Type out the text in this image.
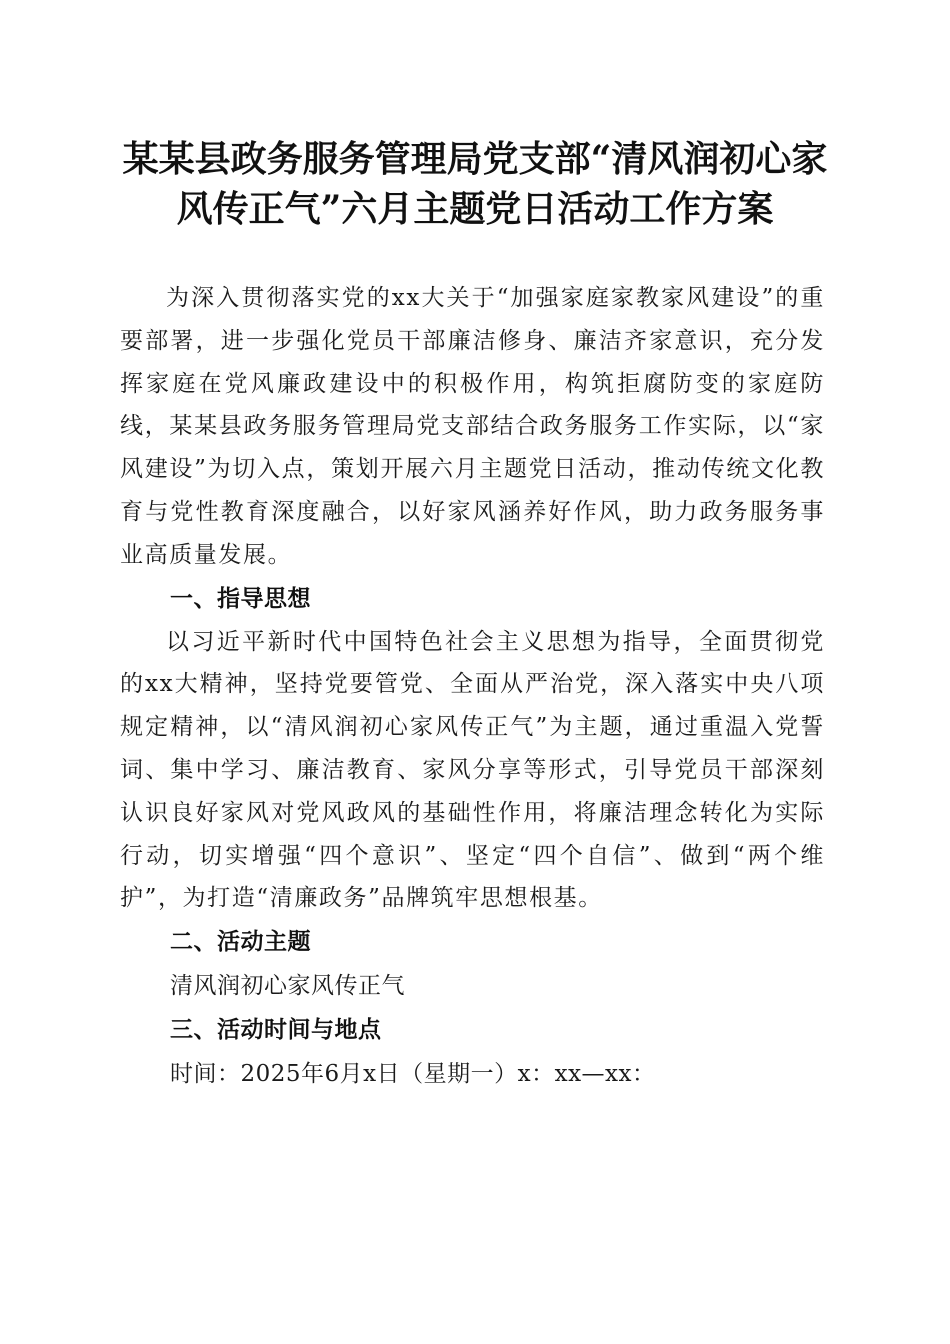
某某县政务服务管理局党支部“清风润初心家
风传正气”六月主题党日活动工作方案

为深入贯彻落实党的xx大关于“加强家庭家教家风建设”的重要部署，进一步强化党员干部廉洁修身、廉洁齐家意识，充分发挥家庭在党风廉政建设中的积极作用，构筑拒腐防变的家庭防线，某某县政务服务管理局党支部结合政务服务工作实际，以“家风建设”为切入点，策划开展六月主题党日活动，推动传统文化教育与党性教育深度融合，以好家风涵养好作风，助力政务服务事业高质量发展。

一、指导思想

以习近平新时代中国特色社会主义思想为指导，全面贯彻党的xx大精神，坚持党要管党、全面从严治党，深入落实中央八项规定精神，以“清风润初心家风传正气”为主题，通过重温入党誓词、集中学习、廉洁教育、家风分享等形式，引导党员干部深刻认识良好家风对党风政风的基础性作用，将廉洁理念转化为实际行动，切实增强“四个意识”、坚定“四个自信”、做到“两个维护”，为打造“清廉政务”品牌筑牢思想根基。

二、活动主题

清风润初心家风传正气

三、活动时间与地点

时间：2025年6月x日（星期一）x：xx—xx：
